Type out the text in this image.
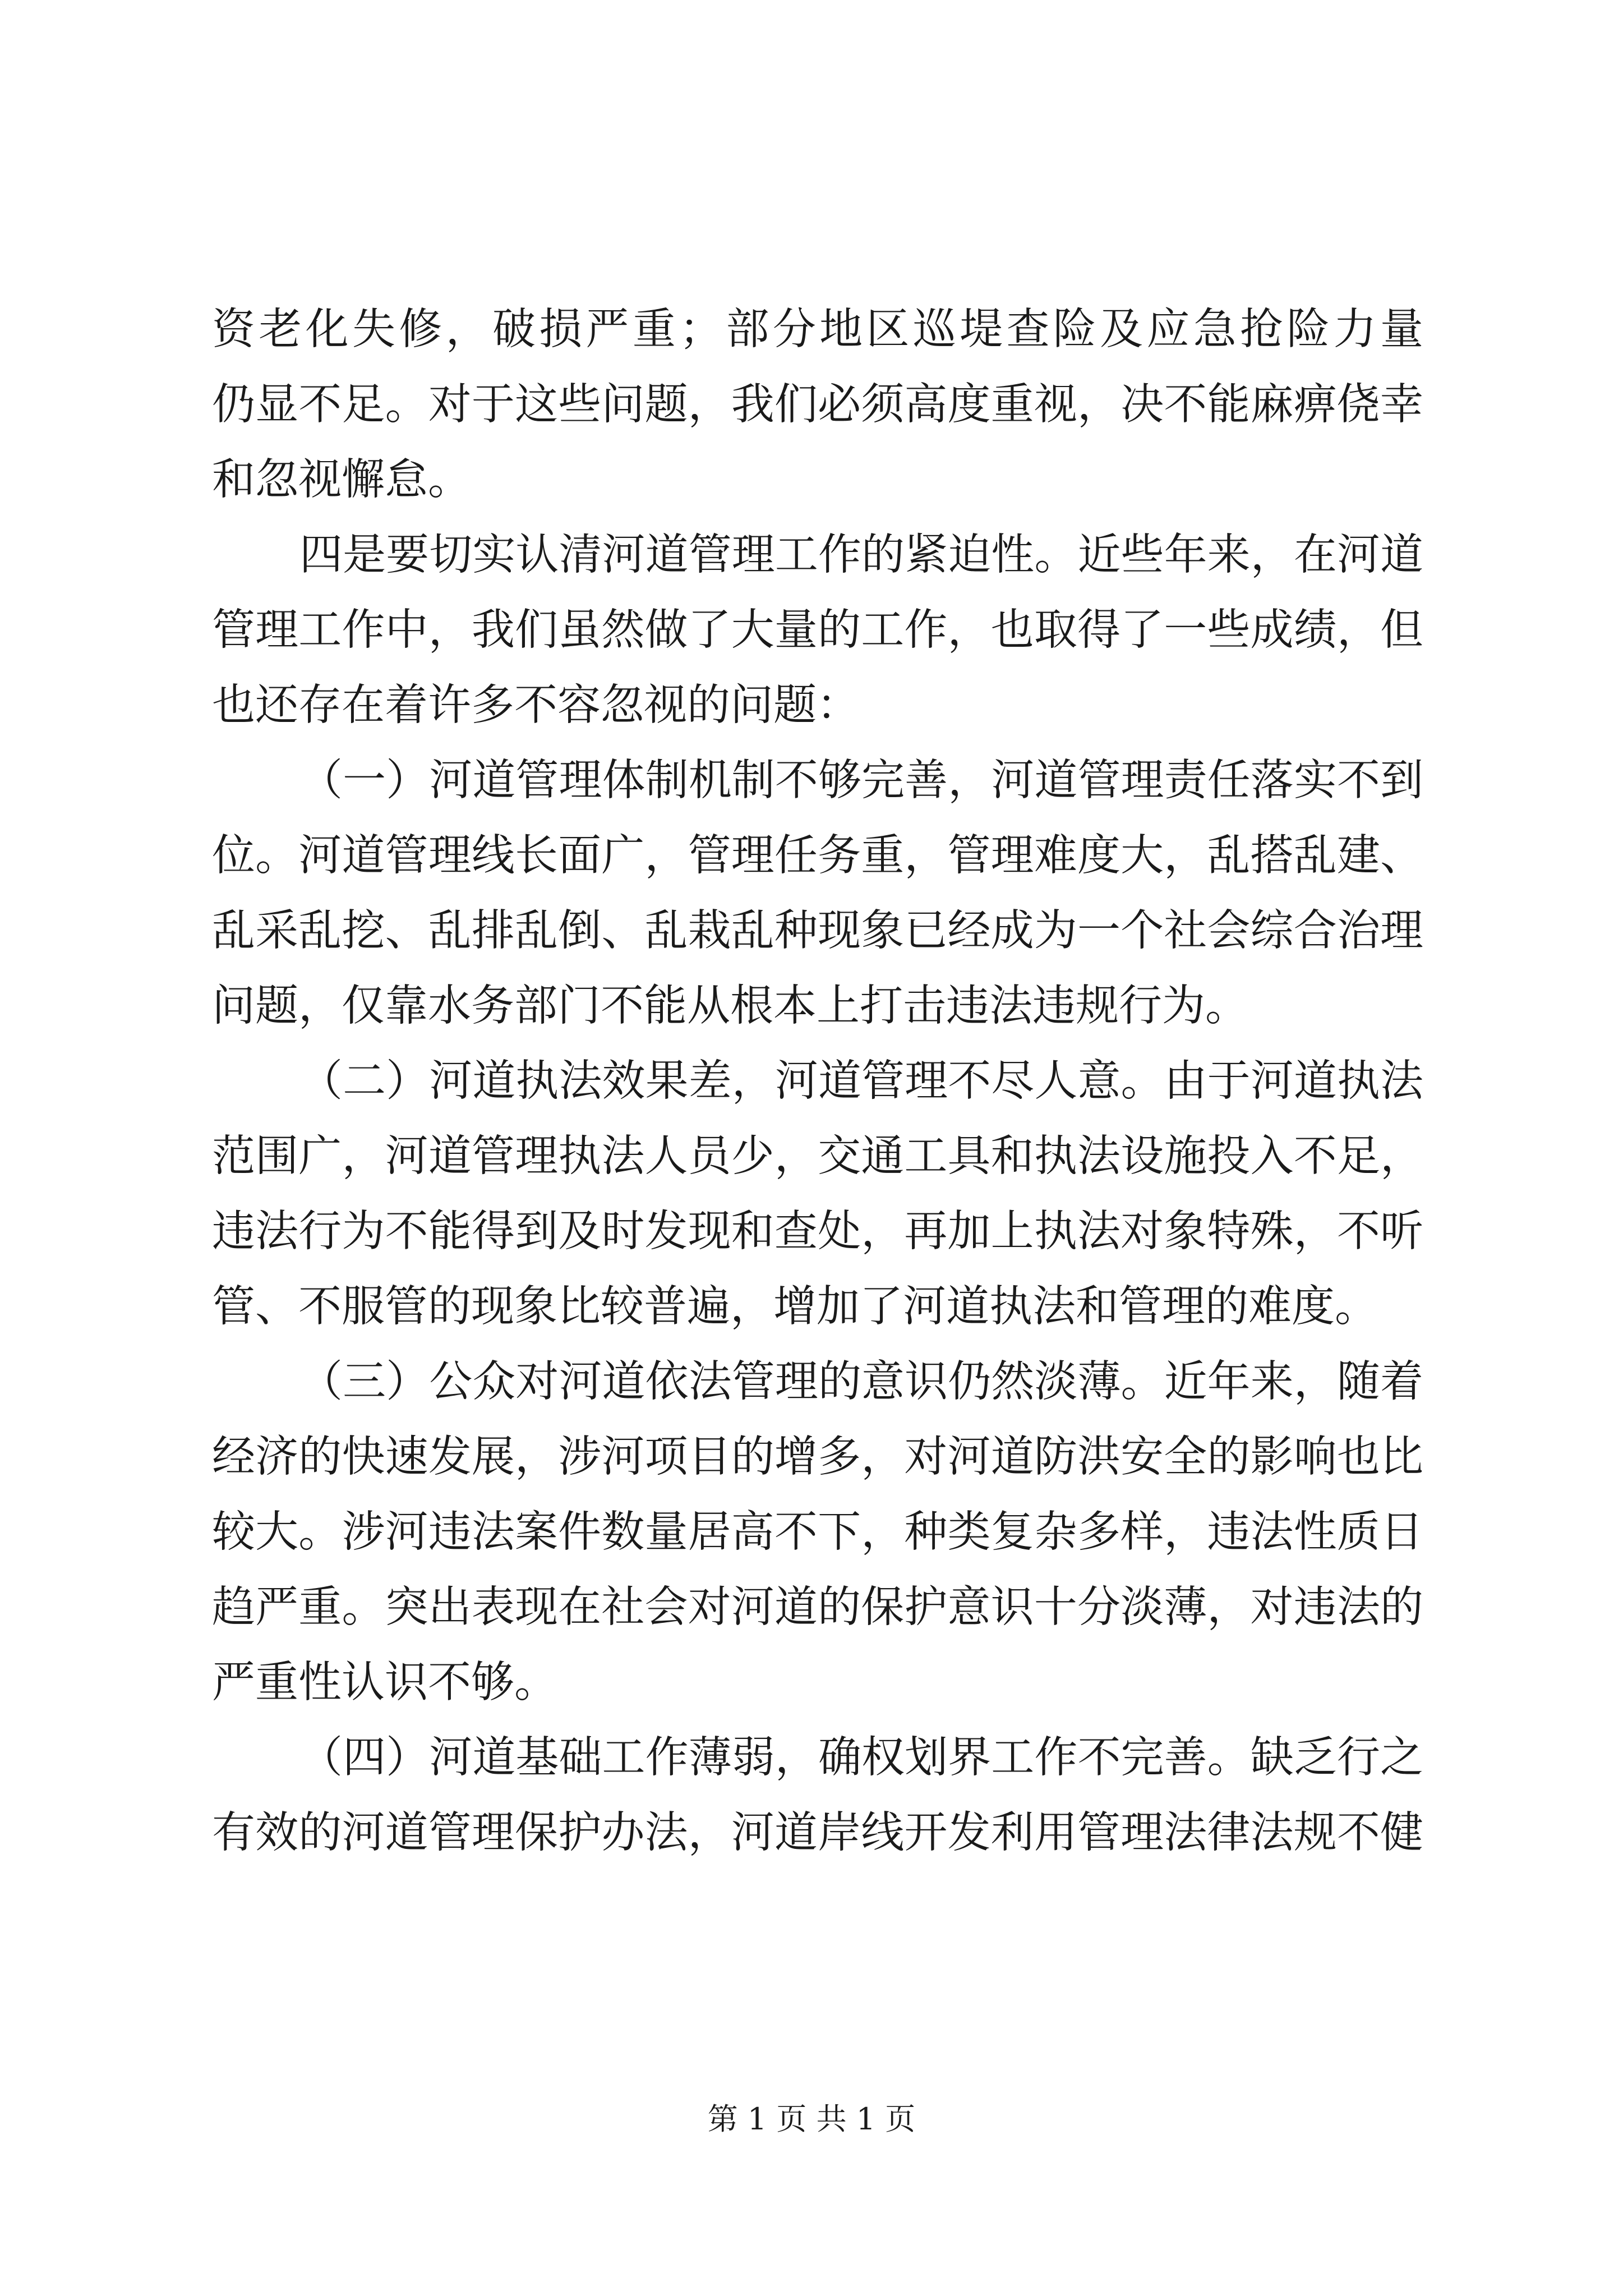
资老化失修，破损严重；部分地区巡堤查险及应急抢险力量
仍显不足。对于这些问题，我们必须高度重视，决不能麻痹侥幸
和忽视懈怠。
四是要切实认清河道管理工作的紧迫性。近些年来，在河道
管理工作中，我们虽然做了大量的工作，也取得了一些成绩，但
也还存在着许多不容忽视的问题：
（一）河道管理体制机制不够完善，河道管理责任落实不到
位。河道管理线长面广，管理任务重，管理难度大，乱搭乱建、
乱采乱挖、乱排乱倒、乱栽乱种现象已经成为一个社会综合治理
问题，仅靠水务部门不能从根本上打击违法违规行为。
（二）河道执法效果差，河道管理不尽人意。由于河道执法
范围广，河道管理执法人员少，交通工具和执法设施投入不足，
违法行为不能得到及时发现和查处，再加上执法对象特殊，不听
管、不服管的现象比较普遍，增加了河道执法和管理的难度。
（三）公众对河道依法管理的意识仍然淡薄。近年来，随着
经济的快速发展，涉河项目的增多，对河道防洪安全的影响也比
较大。涉河违法案件数量居高不下，种类复杂多样，违法性质日
趋严重。突出表现在社会对河道的保护意识十分淡薄，对违法的
严重性认识不够。
（四）河道基础工作薄弱，确权划界工作不完善。缺乏行之
有效的河道管理保护办法，河道岸线开发利用管理法律法规不健
第 1 页 共 1 页
